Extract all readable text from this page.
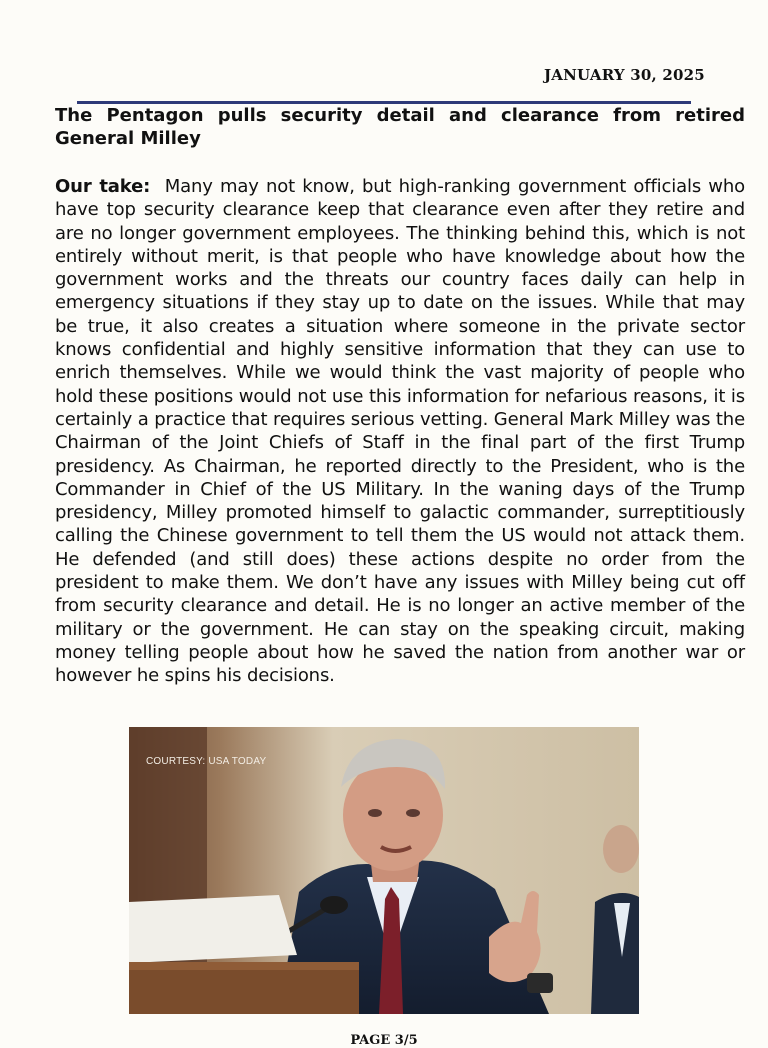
JANUARY 30, 2025
The Pentagon pulls security detail and clearance from retired General Milley

Our take: Many may not know, but high-ranking government officials who have top security clearance keep that clearance even after they retire and are no longer government employees. The thinking behind this, which is not entirely without merit, is that people who have knowledge about how the government works and the threats our country faces daily can help in emergency situations if they stay up to date on the issues. While that may be true, it also creates a situation where someone in the private sector knows confidential and highly sensitive information that they can use to enrich themselves. While we would think the vast majority of people who hold these positions would not use this information for nefarious reasons, it is certainly a practice that requires serious vetting. General Mark Milley was the Chairman of the Joint Chiefs of Staff in the final part of the first Trump presidency. As Chairman, he reported directly to the President, who is the Commander in Chief of the US Military. In the waning days of the Trump presidency, Milley promoted himself to galactic commander, surreptitiously calling the Chinese government to tell them the US would not attack them. He defended (and still does) these actions despite no order from the president to make them. We don’t have any issues with Milley being cut off from security clearance and detail. He is no longer an active member of the military or the government. He can stay on the speaking circuit, making money telling people about how he saved the nation from another war or however he spins his decisions.

COURTESY: USA TODAY
PAGE 3/5
